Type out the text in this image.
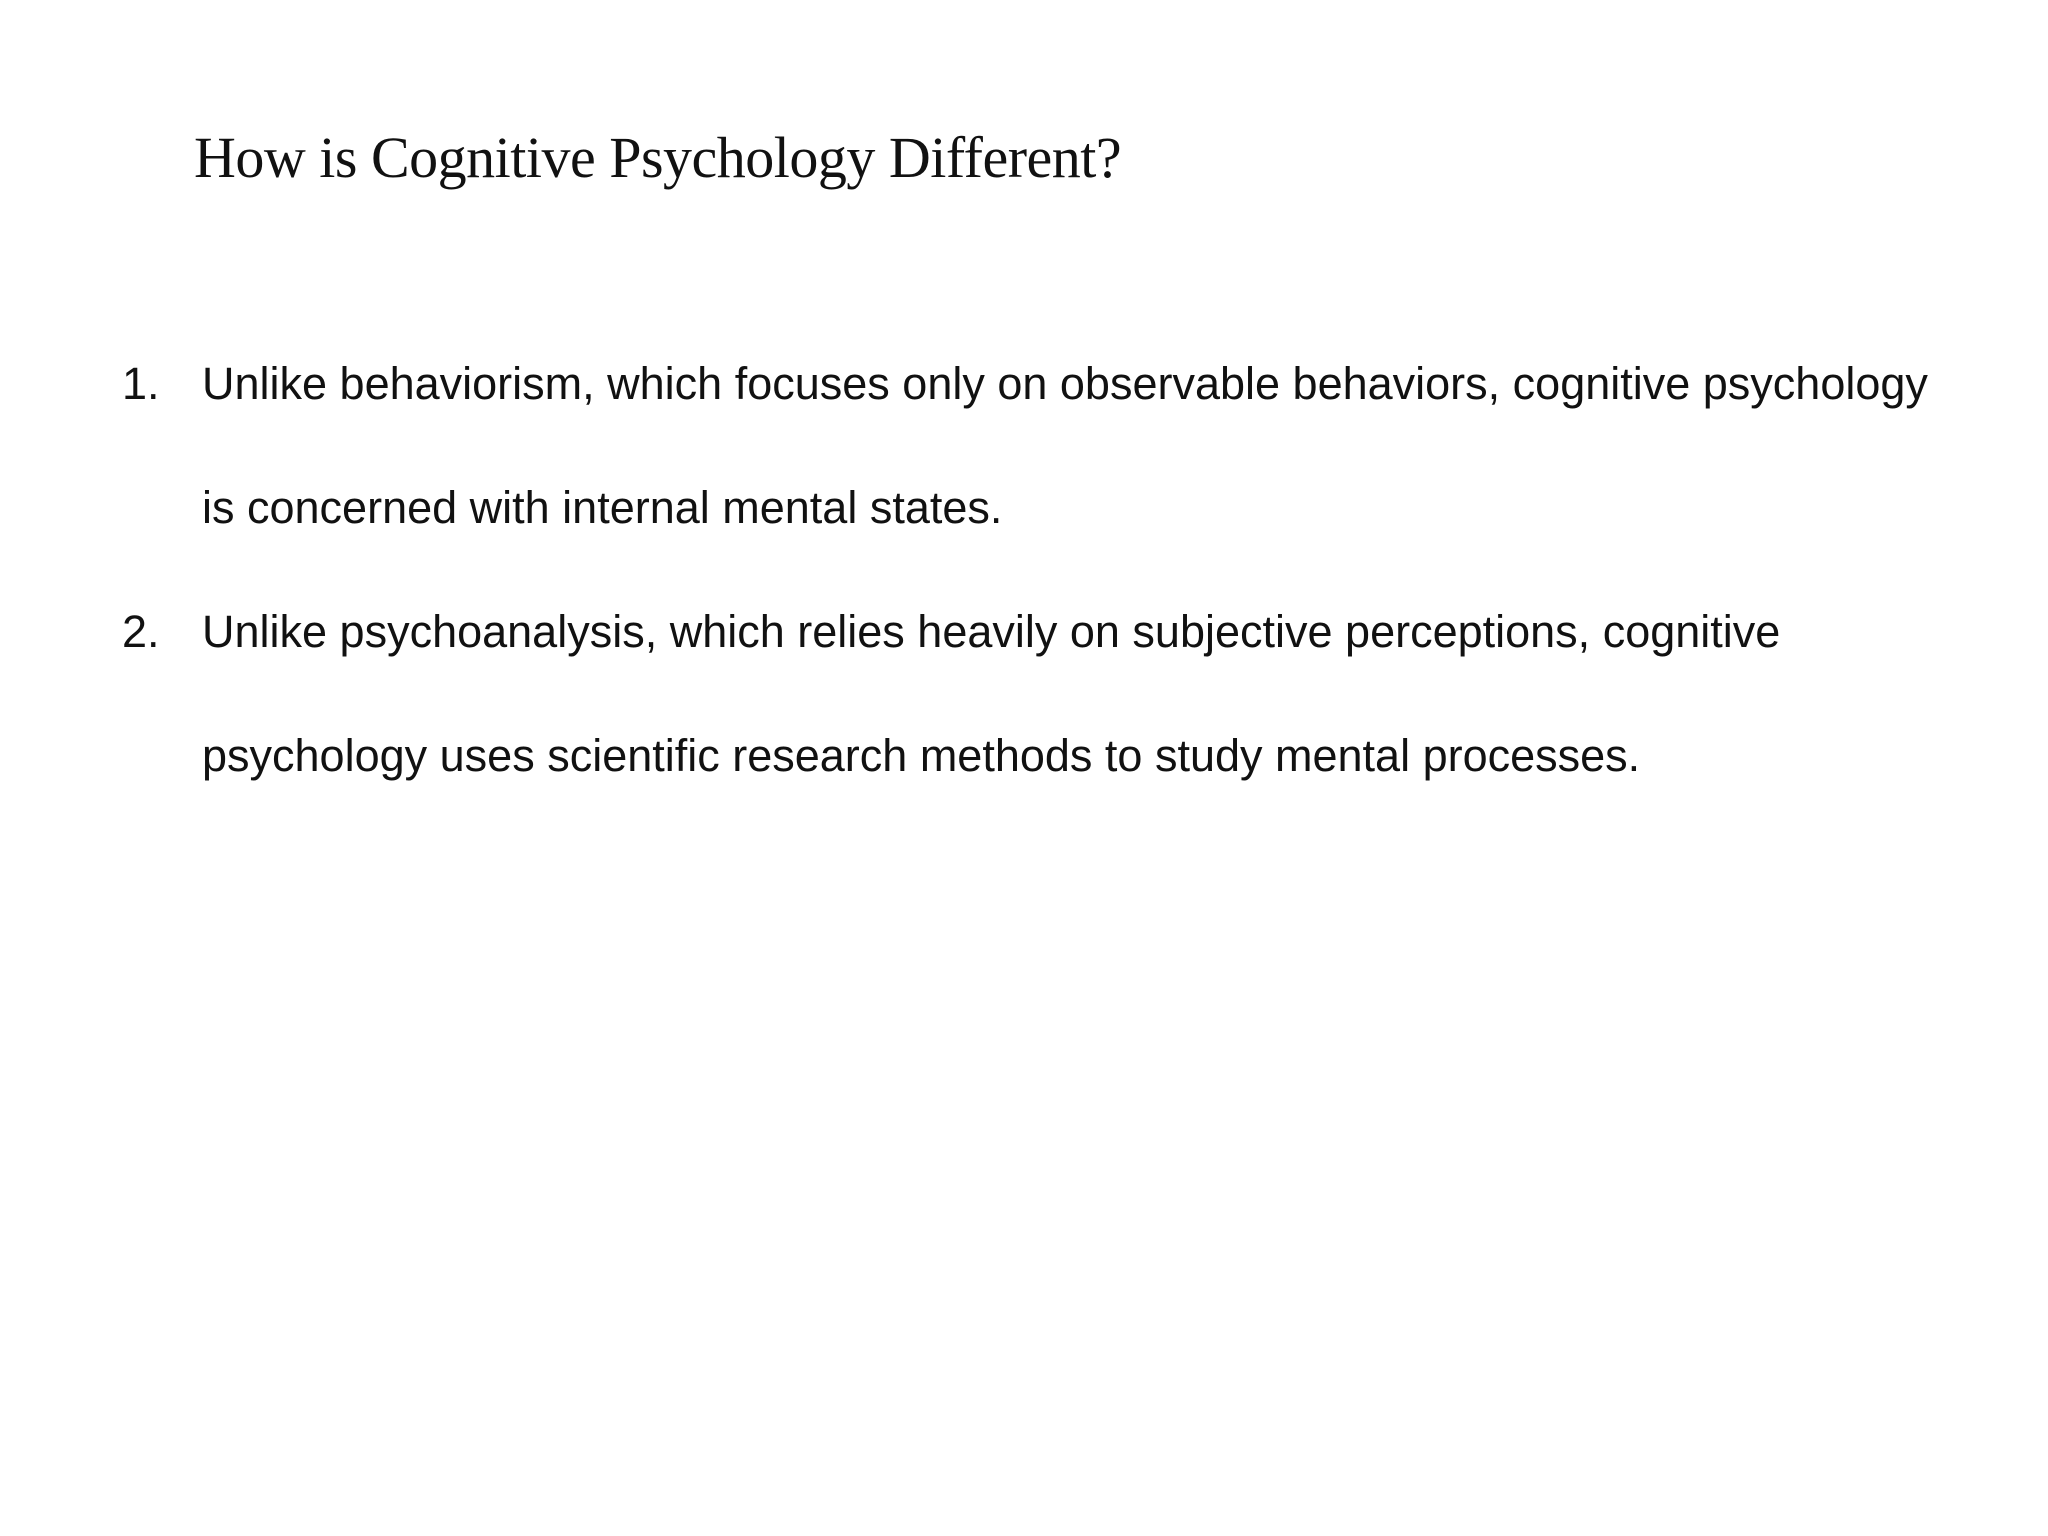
How is Cognitive Psychology Different?
1. Unlike behaviorism, which focuses only on observable behaviors, cognitive psychology is concerned with internal mental states.
2. Unlike psychoanalysis, which relies heavily on subjective perceptions, cognitive psychology uses scientific research methods to study mental processes.
